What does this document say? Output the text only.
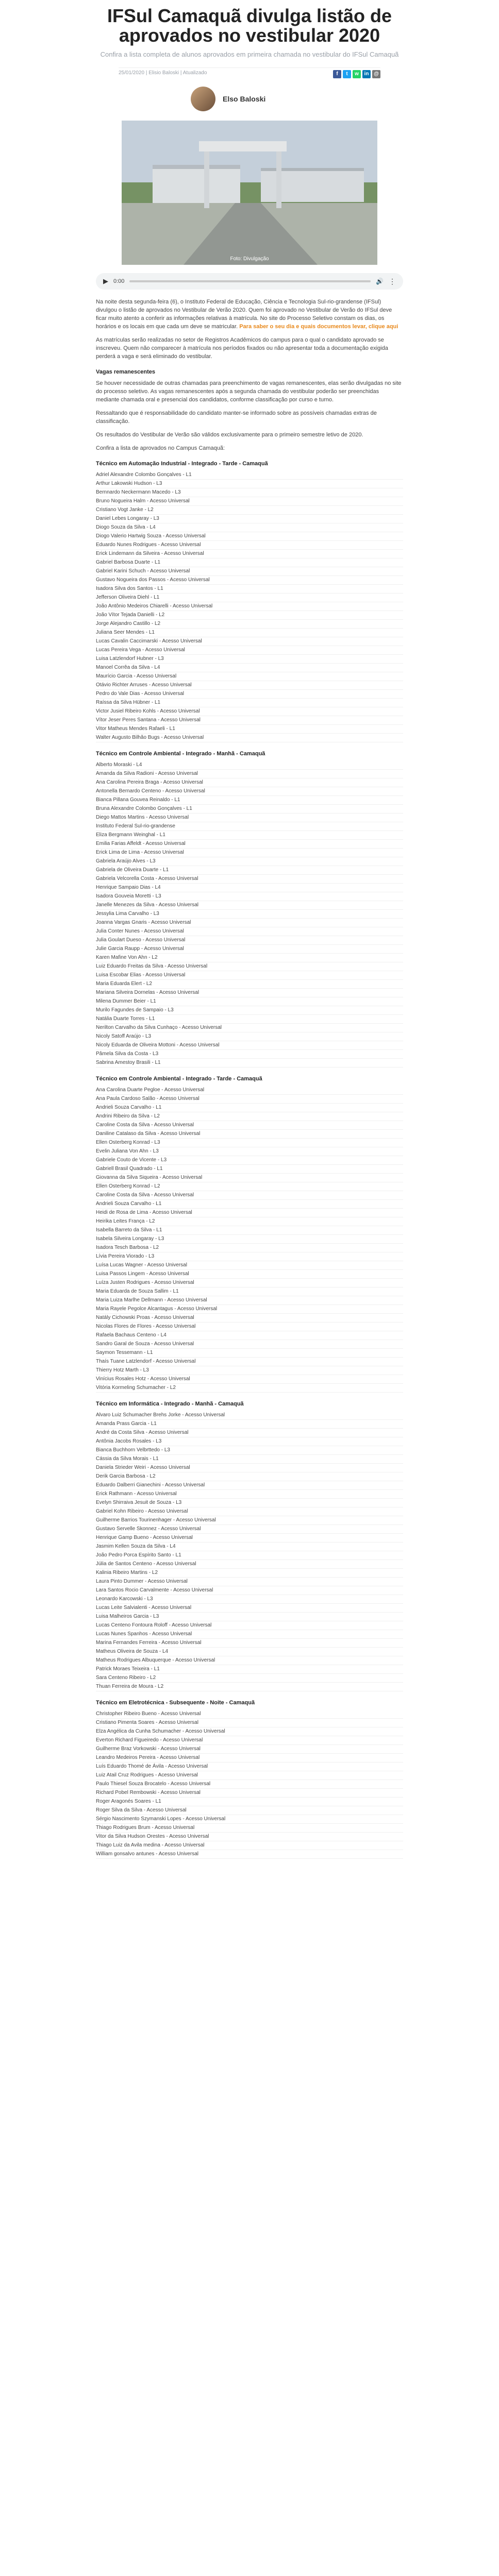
IFSul Camaquã divulga listão de aprovados no vestibular 2020

Confira a lista completa de alunos aprovados em primeira chamada no vestibular do IFSul Camaquã

25/01/2020 | Elisio Baloski | Atualizado	f	t	w	in @
Elso Baloski
Foto: Divulgação
▶ 0:00	🔊 ⋮

Na noite desta segunda-feira (6), o Instituto Federal de Educação, Ciência e Tecnologia Sul-rio-grandense (IFSul) divulgou o listão de aprovados no Vestibular de Verão 2020. Quem foi aprovado no Vestibular de Verão do IFSul deve ficar muito atento a conferir as informações relativas à matrícula. No site do Processo Seletivo constam os dias, os horários e os locais em que cada um deve se matricular. Para saber o seu dia e quais documentos levar, clique aqui

As matrículas serão realizadas no setor de Registros Acadêmicos do campus para o qual o candidato aprovado se inscreveu. Quem não comparecer à matrícula nos períodos fixados ou não apresentar toda a documentação exigida perderá a vaga e será eliminado do vestibular.

Vagas remanescentes

Se houver necessidade de outras chamadas para preenchimento de vagas remanescentes, elas serão divulgadas no site do processo seletivo. As vagas remanescentes após a segunda chamada do vestibular poderão ser preenchidas mediante chamada oral e presencial dos candidatos, conforme classificação por curso e turno.

Ressaltando que é responsabilidade do candidato manter-se informado sobre as possíveis chamadas extras de classificação.

Os resultados do Vestibular de Verão são válidos exclusivamente para o primeiro semestre letivo de 2020.

Confira a lista de aprovados no Campus Camaquã:

Técnico em Automação Industrial - Integrado - Tarde - Camaquã
Adriel Alexandre Colombo Gonçalves - L1
Arthur Lakowski Hudson - L3
Bernnardo Neckermann Macedo - L3
Bruno Nogueira Halm - Acesso Universal
Cristiano Vogt Janke - L2
Daniel Lebes Longaray - L3
Diogo Souza da Silva - L4
Diogo Valerio Hartwig Souza - Acesso Universal
Eduardo Nunes Rodrigues - Acesso Universal
Erick Lindemann da Silveira - Acesso Universal
Gabriel Barbosa Duarte - L1
Gabriel Karini Schuch - Acesso Universal
Gustavo Nogueira dos Passos - Acesso Universal
Isadora Silva dos Santos - L1
Jefferson Oliveira Diehl - L1
João Antônio Medeiros Chiarelli - Acesso Universal
João Vítor Tejada Danielli - L2
Jorge Alejandro Castillo - L2
Juliana Seer Mendes - L1
Lucas Cavalin Caccimarski - Acesso Universal
Lucas Pereira Vega - Acesso Universal
Luisa Latzlendorf Hubner - L3
Manoel Corrêa da Silva - L4
Maurício Garcia - Acesso Universal
Otávio Richter Arruses - Acesso Universal
Pedro do Vale Dias - Acesso Universal
Raíssa da Silva Hübner - L1
Victor Jusiel Ribeiro Kohls - Acesso Universal
Vítor Jeser Peres Santana - Acesso Universal
Vitor Matheus Mendes Rafaeli - L1
Walter Augusto Bilhão Bugs - Acesso Universal
Técnico em Controle Ambiental - Integrado - Manhã - Camaquã
Alberto Moraski - L4
Amanda da Silva Radioni - Acesso Universal
Ana Carolina Pereira Braga - Acesso Universal
Antonella Bernardo Centeno - Acesso Universal
Bianca Pillana Gouvea Reinaldo - L1
Bruna Alexandre Colombo Gonçalves - L1
Diego Mattos Martins - Acesso Universal
Instituto Federal Sul-rio-grandense
Eliza Bergmann Weinghal - L1
Emilia Farias Affeldt - Acesso Universal
Erick Lima de Lima - Acesso Universal
Gabriela Araújo Alves - L3
Gabriela de Oliveira Duarte - L1
Gabriela Velcorella Costa - Acesso Universal
Henrique Sampaio Dias - L4
Isadora Gouveia Moretti - L3
Janelle Menezes da Silva - Acesso Universal
Jessylia Lima Carvalho - L3
Joanna Vargas Gnaris - Acesso Universal
Julia Conter Nunes - Acesso Universal
Julia Goulart Dueso - Acesso Universal
Julie Garcia Raupp - Acesso Universal
Karen Mafine Von Ahn - L2
Luiz Eduardo Freitas da Silva - Acesso Universal
Luisa Escobar Elias - Acesso Universal
Maria Eduarda Elert - L2
Mariana Silveira Dornelas - Acesso Universal
Milena Dummer Beier - L1
Murilo Fagundes de Sampaio - L3
Natália Duarte Torres - L1
Nerilton Carvalho da Silva Cunhaço - Acesso Universal
Nicoly Satoff Araújo - L3
Nicoly Eduarda de Oliveira Mottoni - Acesso Universal
Pâmela Silva da Costa - L3
Sabrina Amestoy Brasili - L1
Técnico em Controle Ambiental - Integrado - Tarde - Camaquã
Ana Carolina Duarte Pegloe - Acesso Universal
Ana Paula Cardoso Salão - Acesso Universal
Andrieli Souza Carvalho - L1
Andrini Ribeiro da Silva - L2
Caroline Costa da Silva - Acesso Universal
Daniline Catalaso da Silva - Acesso Universal
Ellen Osterberg Konrad - L3
Evelin Juliana Von Ahn - L3
Gabriele Couto de Vicente - L3
Gabriell Brasil Quadrado - L1
Giovanna da Silva Siqueira - Acesso Universal
Ellen Osterberg Konrad - L2
Caroline Costa da Silva - Acesso Universal
Andrieli Souza Carvalho - L1
Heidi de Rosa de Lima - Acesso Universal
Heirika Leites França - L2
Isabella Barreto da Silva - L1
Isabela Silveira Longaray - L3
Isadora Tesch Barbosa - L2
Lívia Pereira Viorado - L3
Luísa Lucas Wagner - Acesso Universal
Luisa Passos Lingem - Acesso Universal
Luíza Justen Rodrigues - Acesso Universal
Maria Eduarda de Souza Sallim - L1
Maria Luiza Marlhe Dellmann - Acesso Universal
Maria Rayele Pegolce Alcantagus - Acesso Universal
Natály Cichowski Proas - Acesso Universal
Nicolas Flores de Flores - Acesso Universal
Rafaela Bachaus Centeno - L4
Sandro Garal de Souza - Acesso Universal
Saymon Tessemann - L1
Thaís Tuane Latzlendorf - Acesso Universal
Thierry Hotz Marth - L3
Vinícius Rosales Hotz - Acesso Universal
Vitória Kormeling Schumacher - L2
Técnico em Informática - Integrado - Manhã - Camaquã
Alvaro Luiz Schumacher Brehs Jorke - Acesso Universal
Amanda Prass Garcia - L1
André da Costa Silva - Acesso Universal
Antônia Jacobs Rosales - L3
Bianca Buchhorn Velbrttedo - L3
Cássia da Silva Morais - L1
Daniela Strieder Weiri - Acesso Universal
Derik Garcia Barbosa - L2
Eduardo Dalberri Gianechini - Acesso Universal
Erick Rathmann - Acesso Universal
Evelyn Shirraiva Jesuit de Souza - L3
Gabriel Kohn Ribeiro - Acesso Universal
Guilherme Barrios Tourinenhager - Acesso Universal
Gustavo Servelle Skonnez - Acesso Universal
Henrique Gamp Bueno - Acesso Universal
Jasmim Kellen Souza da Silva - L4
João Pedro Porca Espírito Santo - L1
Júlia de Santos Centeno - Acesso Universal
Kalinia Ribeiro Martins - L2
Laura Pinto Dummer - Acesso Universal
Lara Santos Rocio Carvalmente - Acesso Universal
Leonardo Karcowski - L3
Lucas Leite Salvialenti - Acesso Universal
Luisa Malheiros Garcia - L3
Lucas Centeno Fontoura Roloff - Acesso Universal
Lucas Nunes Spanhos - Acesso Universal
Marina Fernandes Ferreira - Acesso Universal
Matheus Oliveira de Souza - L4
Matheus Rodrigues Albuquerque - Acesso Universal
Patrick Moraes Teixeira - L1
Sara Centeno Ribeiro - L2
Thuan Ferreira de Moura - L2
Técnico em Eletrotécnica - Subsequente - Noite - Camaquã
Christopher Ribeiro Bueno - Acesso Universal
Cristiano Pimenta Soares - Acesso Universal
Elza Angélica da Cunha Schumacher - Acesso Universal
Everton Richard Figueiredo - Acesso Universal
Guilherme Braz Vorkowski - Acesso Universal
Leandro Medeiros Pereira - Acesso Universal
Luís Eduardo Thomé de Ávila - Acesso Universal
Luiz Atail Cruz Rodrigues - Acesso Universal
Paulo Thiesel Souza Brocatelo - Acesso Universal
Richard Pobel Rembowski - Acesso Universal
Roger Aragonés Soares - L1
Roger Silva da Silva - Acesso Universal
Sérgio Nascimento Szymanski Lopes - Acesso Universal
Thiago Rodrigues Brum - Acesso Universal
Vitor da Silva Hudson Orestes - Acesso Universal
Thiago Luiz da Avila medina - Acesso Universal
William gonsalvo antunes - Acesso Universal
